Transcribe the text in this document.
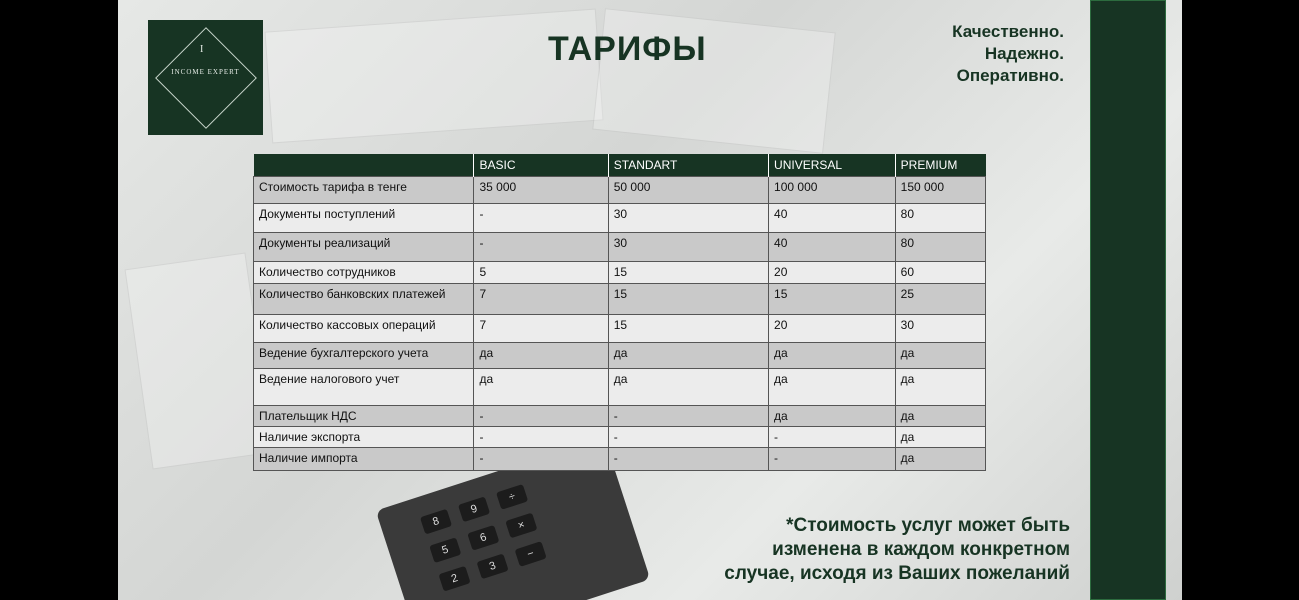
8
9
÷
5
6
×
2
3
−
I
INCOME EXPERT
ТАРИФЫ	Качественно.
Надежно.
Оперативно.
	BASIC	STANDART	UNIVERSAL	PREMIUM
Стоимость тарифа в тенге	35 000	50 000	100 000	150 000
Документы поступлений	-	30	40	80
Документы реализаций	-	30	40	80
Количество сотрудников	5	15	20	60
Количество банковских платежей	7	15	15	25
Количество кассовых операций	7	15	20	30
Ведение бухгалтерского учета	да	да	да	да
Ведение налогового учет	да	да	да	да
Плательщик НДС	-	-	да	да
Наличие экспорта	-	-	-	да
Наличие импорта	-	-	-	да
*Стоимость услуг может быть
изменена в каждом конкретном
случае, исходя из Ваших пожеланий
